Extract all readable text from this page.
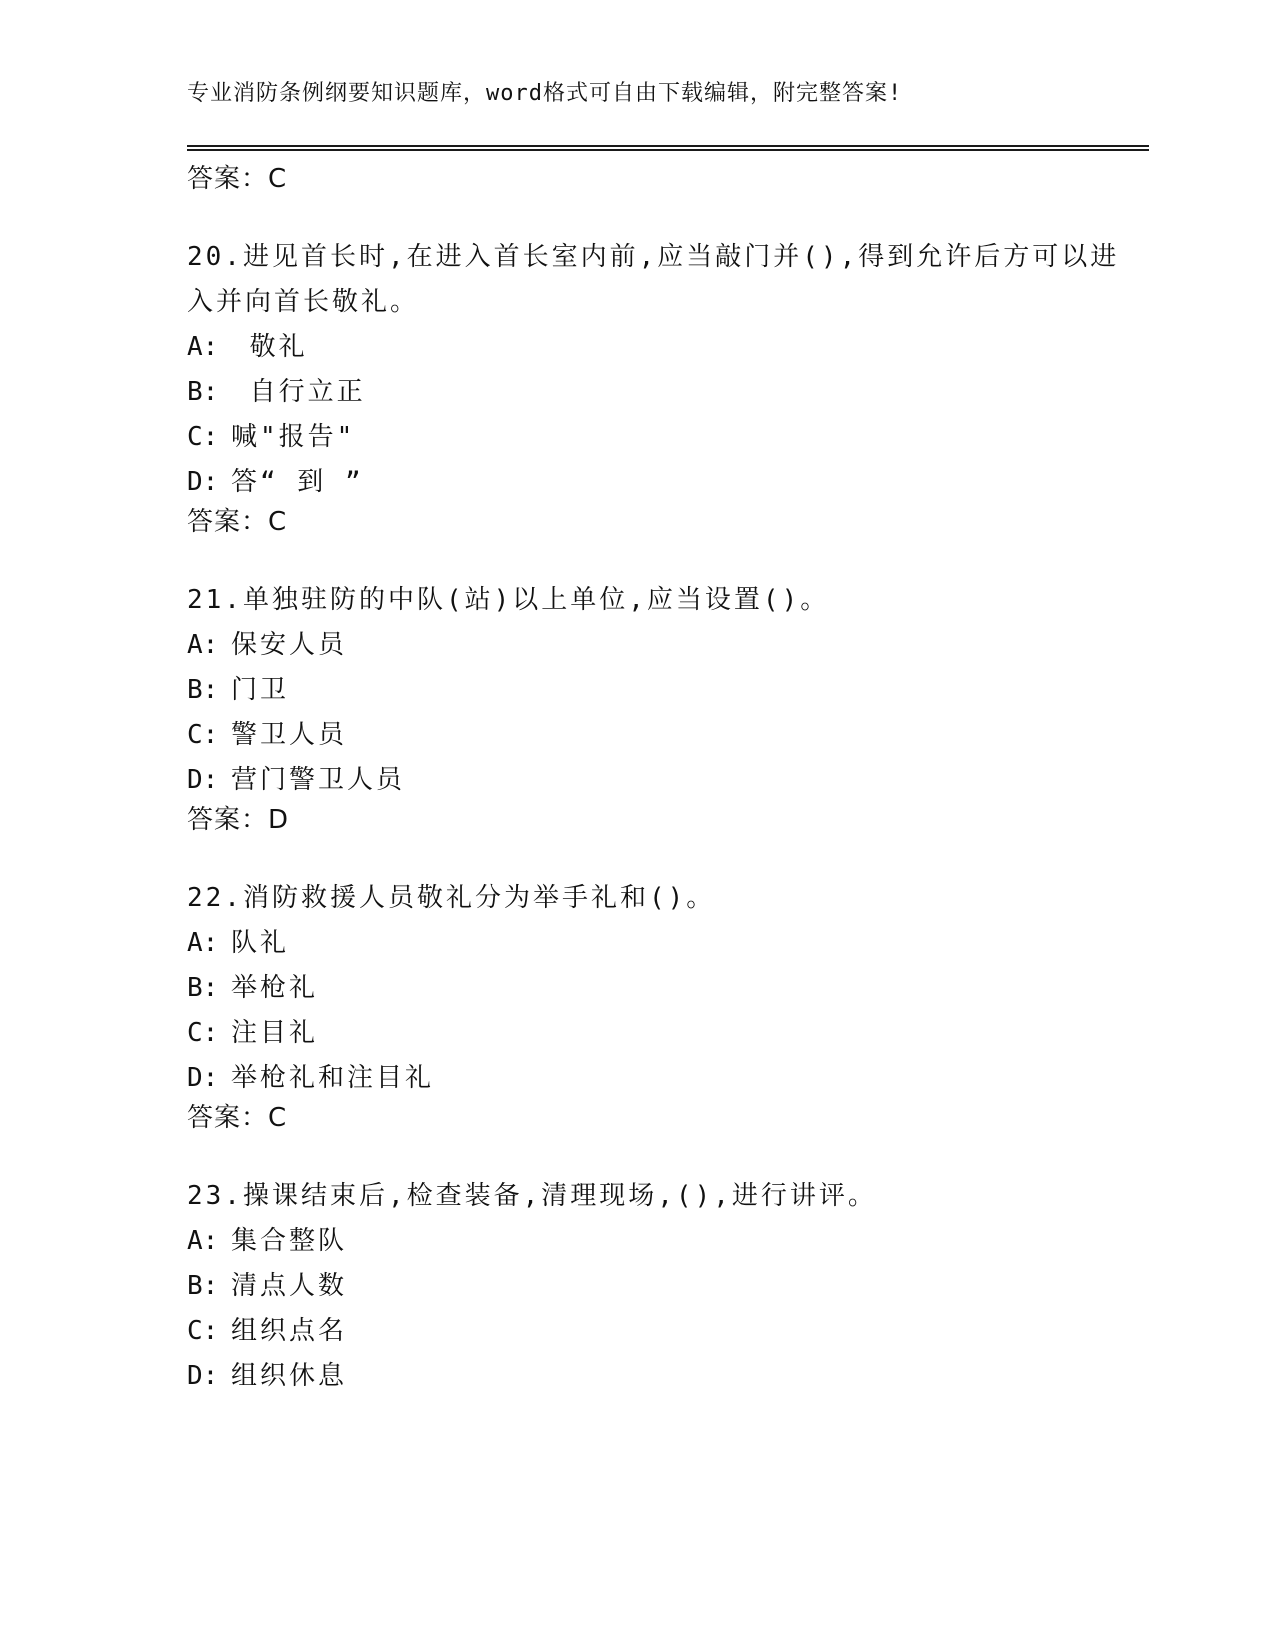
专业消防条例纲要知识题库，word格式可自由下载编辑，附完整答案!
答案：C
20.进见首长时,在进入首长室内前,应当敲门并(),得到允许后方可以进入并向首长敬礼。
A: 敬礼
B: 自行立正
C: 喊"报告"
D: 答“ 到 ”
答案：C
21.单独驻防的中队(站)以上单位,应当设置()。
A: 保安人员
B: 门卫
C: 警卫人员
D: 营门警卫人员
答案：D
22.消防救援人员敬礼分为举手礼和()。
A: 队礼
B: 举枪礼
C: 注目礼
D: 举枪礼和注目礼
答案：C
23.操课结束后,检查装备,清理现场,(),进行讲评。
A: 集合整队
B: 清点人数
C: 组织点名
D: 组织休息
